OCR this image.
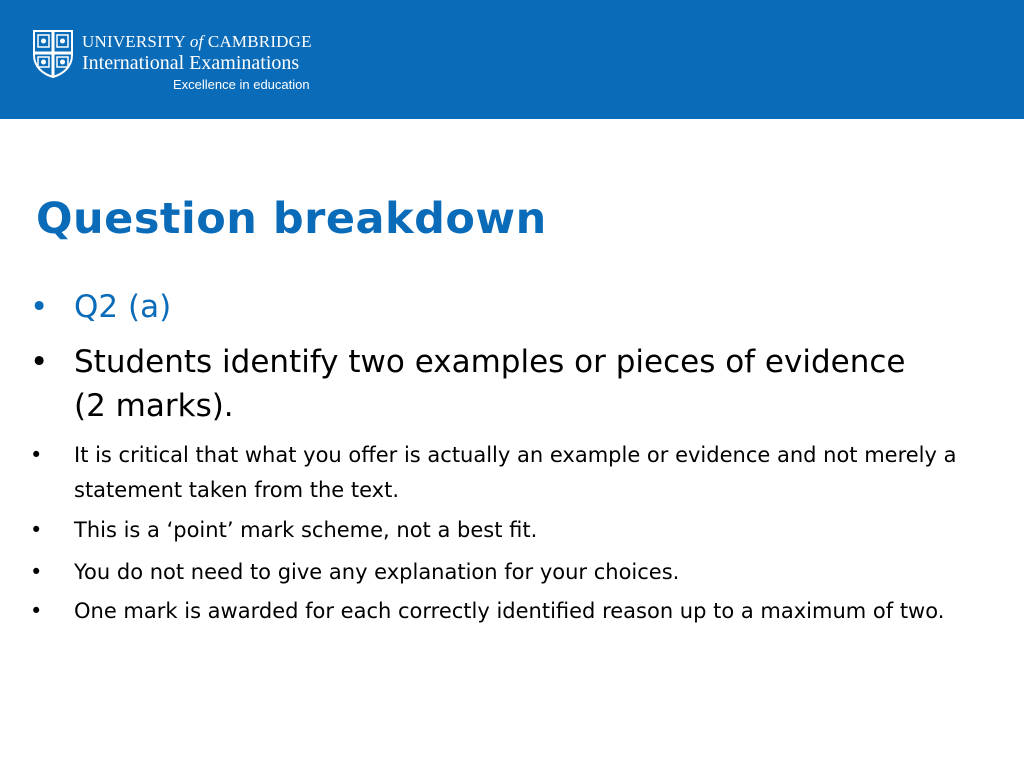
UNIVERSITY of CAMBRIDGE
International Examinations
Excellence in education
Question breakdown
• Q2 (a)
• Students identify two examples or pieces of evidence (2 marks).
• It is critical that what you offer is actually an example or evidence and not merely a statement taken from the text.
• This is a ‘point’ mark scheme, not a best fit.
• You do not need to give any explanation for your choices.
• One mark is awarded for each correctly identified reason up to a maximum of two.
